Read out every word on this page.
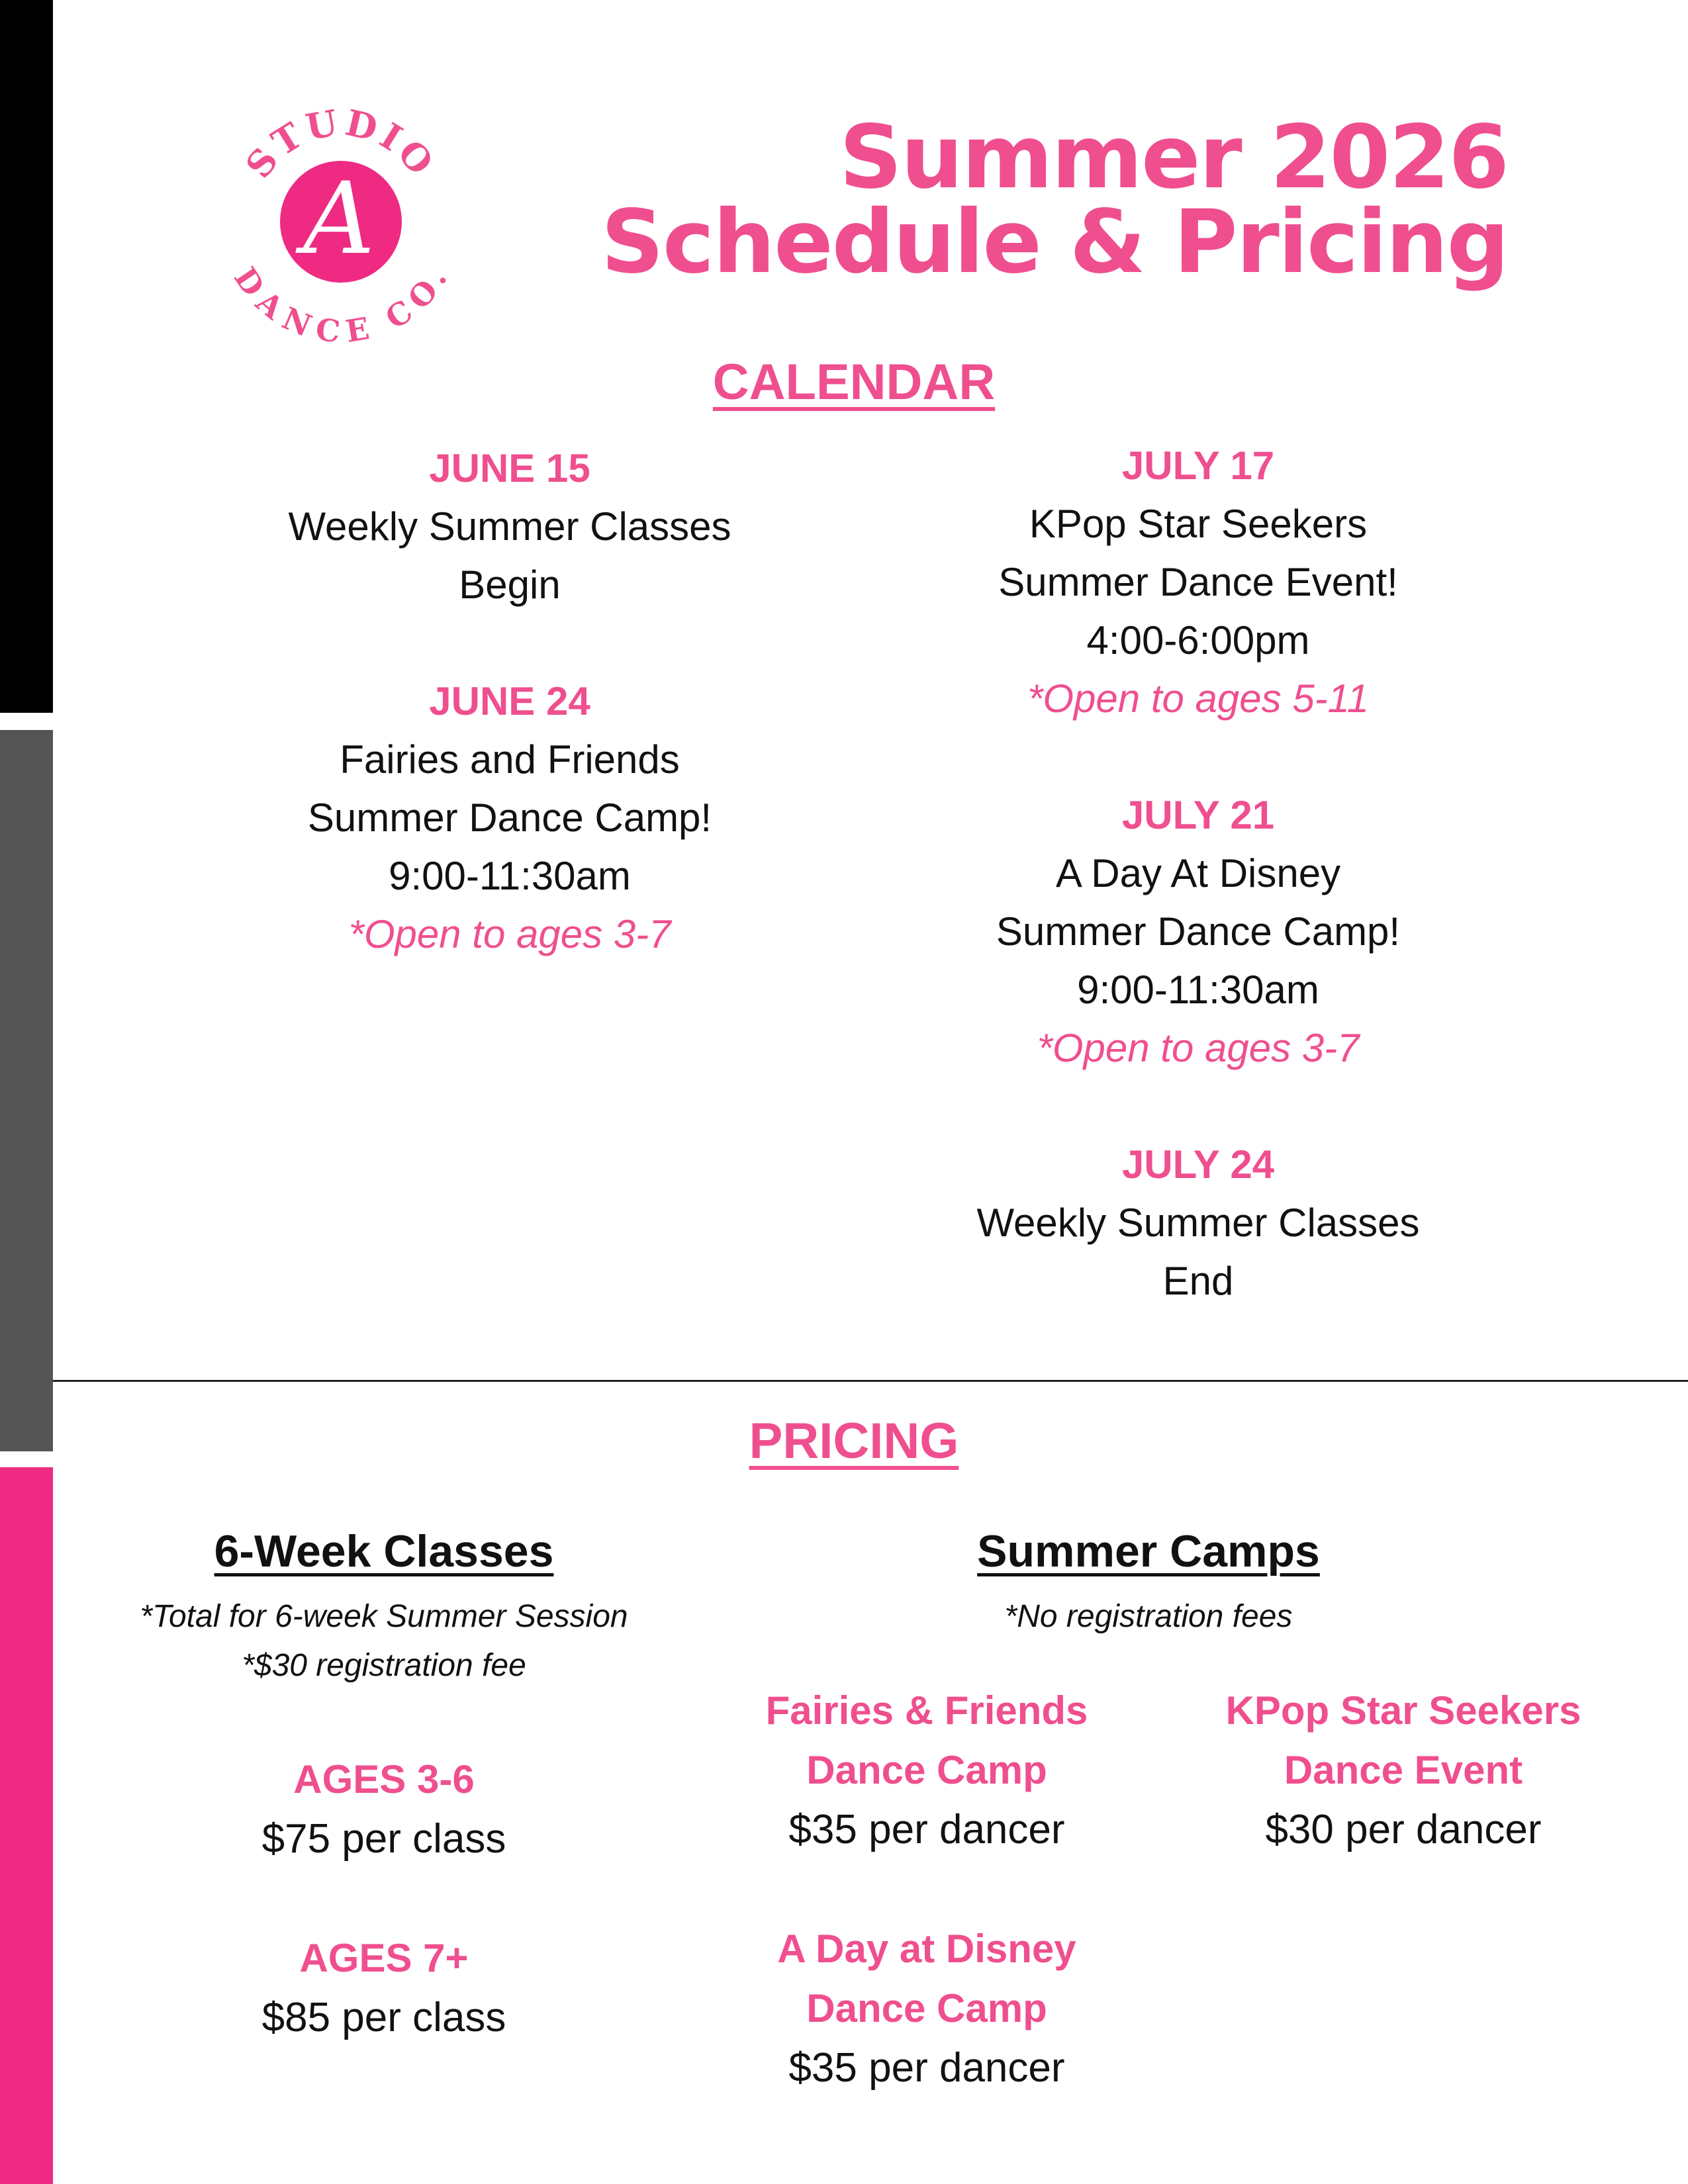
STUDIO
DANCE CO.
A
Summer 2026
Schedule & Pricing
CALENDAR
JUNE 15
Weekly Summer Classes
Begin
JUNE 24
Fairies and Friends
Summer Dance Camp!
9:00-11:30am
*Open to ages 3-7
JULY 17
KPop Star Seekers
Summer Dance Event!
4:00-6:00pm
*Open to ages 5-11
JULY 21
A Day At Disney
Summer Dance Camp!
9:00-11:30am
*Open to ages 3-7
JULY 24
Weekly Summer Classes
End
PRICING
6-Week Classes
*Total for 6-week Summer Session
*$30 registration fee
AGES 3-6
$75 per class
AGES 7+
$85 per class
Summer Camps
*No registration fees
Fairies & Friends
Dance Camp
$35 per dancer
KPop Star Seekers
Dance Event
$30 per dancer
A Day at Disney
Dance Camp
$35 per dancer
